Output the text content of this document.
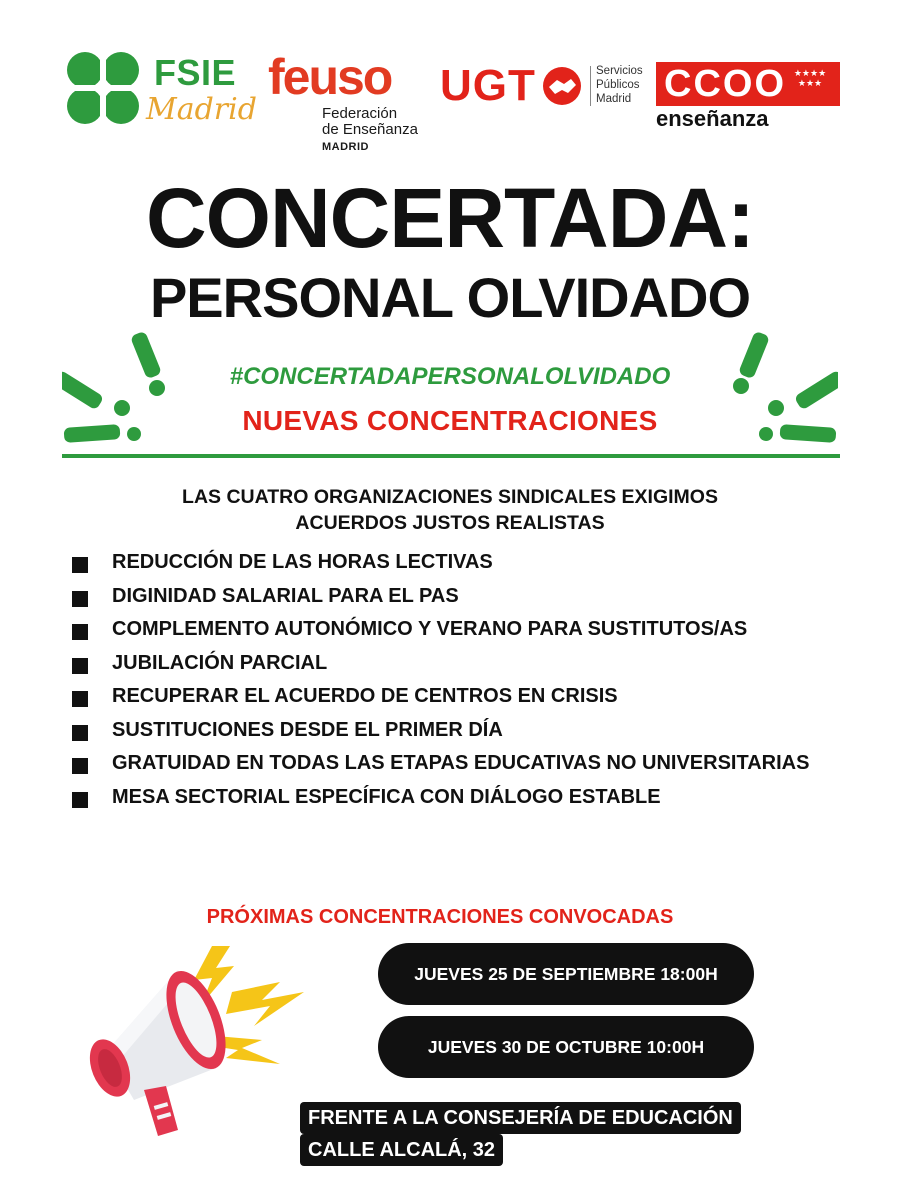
FSIE
Madrid
feuso
Federación
de Enseñanza
MADRID
UGT	Servicios
Públicos
Madrid CCOO ★★★★
★★★
enseñanza
CONCERTADA:
PERSONAL OLVIDADO
#CONCERTADAPERSONALOLVIDADO
NUEVAS CONCENTRACIONES
LAS CUATRO ORGANIZACIONES SINDICALES EXIGIMOS
ACUERDOS JUSTOS REALISTAS
REDUCCIÓN DE LAS HORAS LECTIVAS
DIGINIDAD SALARIAL PARA EL PAS
COMPLEMENTO AUTONÓMICO Y VERANO PARA SUSTITUTOS/AS
JUBILACIÓN PARCIAL
RECUPERAR EL ACUERDO DE CENTROS EN CRISIS
SUSTITUCIONES DESDE EL PRIMER DÍA
GRATUIDAD EN TODAS LAS ETAPAS EDUCATIVAS NO UNIVERSITARIAS
MESA SECTORIAL ESPECÍFICA CON DIÁLOGO ESTABLE
PRÓXIMAS CONCENTRACIONES CONVOCADAS
JUEVES 25 DE SEPTIEMBRE 18:00H
JUEVES 30 DE OCTUBRE 10:00H
FRENTE A LA CONSEJERÍA DE EDUCACIÓN
CALLE ALCALÁ, 32
